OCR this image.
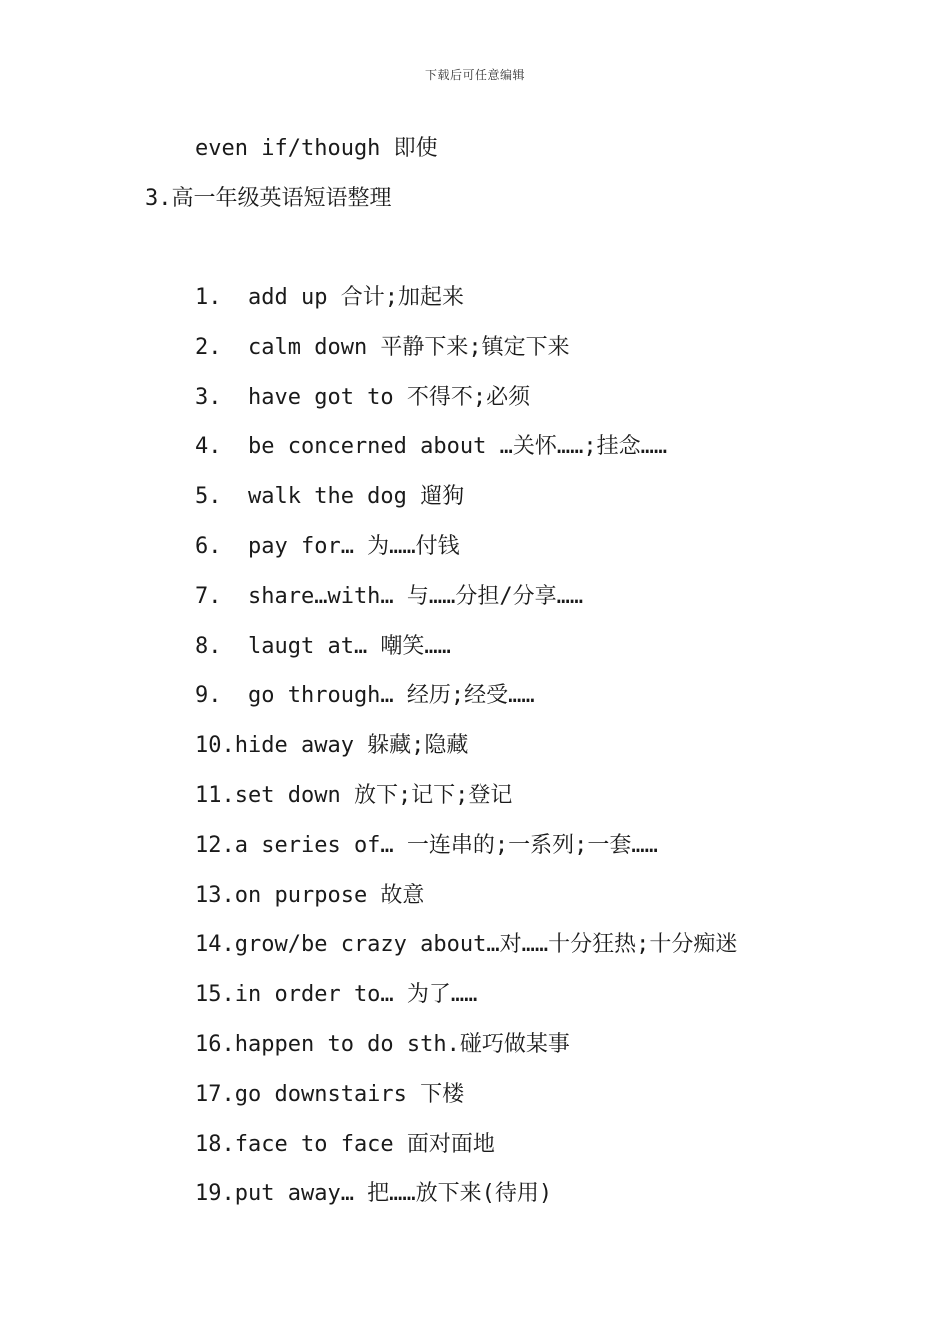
下载后可任意编辑
even if/though 即使
3.高一年级英语短语整理
1.  add up 合计;加起来
2.  calm down 平静下来;镇定下来
3.  have got to 不得不;必须
4.  be concerned about …关怀……;挂念……
5.  walk the dog 遛狗
6.  pay for… 为……付钱
7.  share…with… 与……分担/分享……
8.  laugt at… 嘲笑……
9.  go through… 经历;经受……
10.hide away 躲藏;隐藏
11.set down 放下;记下;登记
12.a series of… 一连串的;一系列;一套……
13.on purpose 故意
14.grow/be crazy about…对……十分狂热;十分痴迷
15.in order to… 为了……
16.happen to do sth.碰巧做某事
17.go downstairs 下楼
18.face to face 面对面地
19.put away… 把……放下来(待用)
